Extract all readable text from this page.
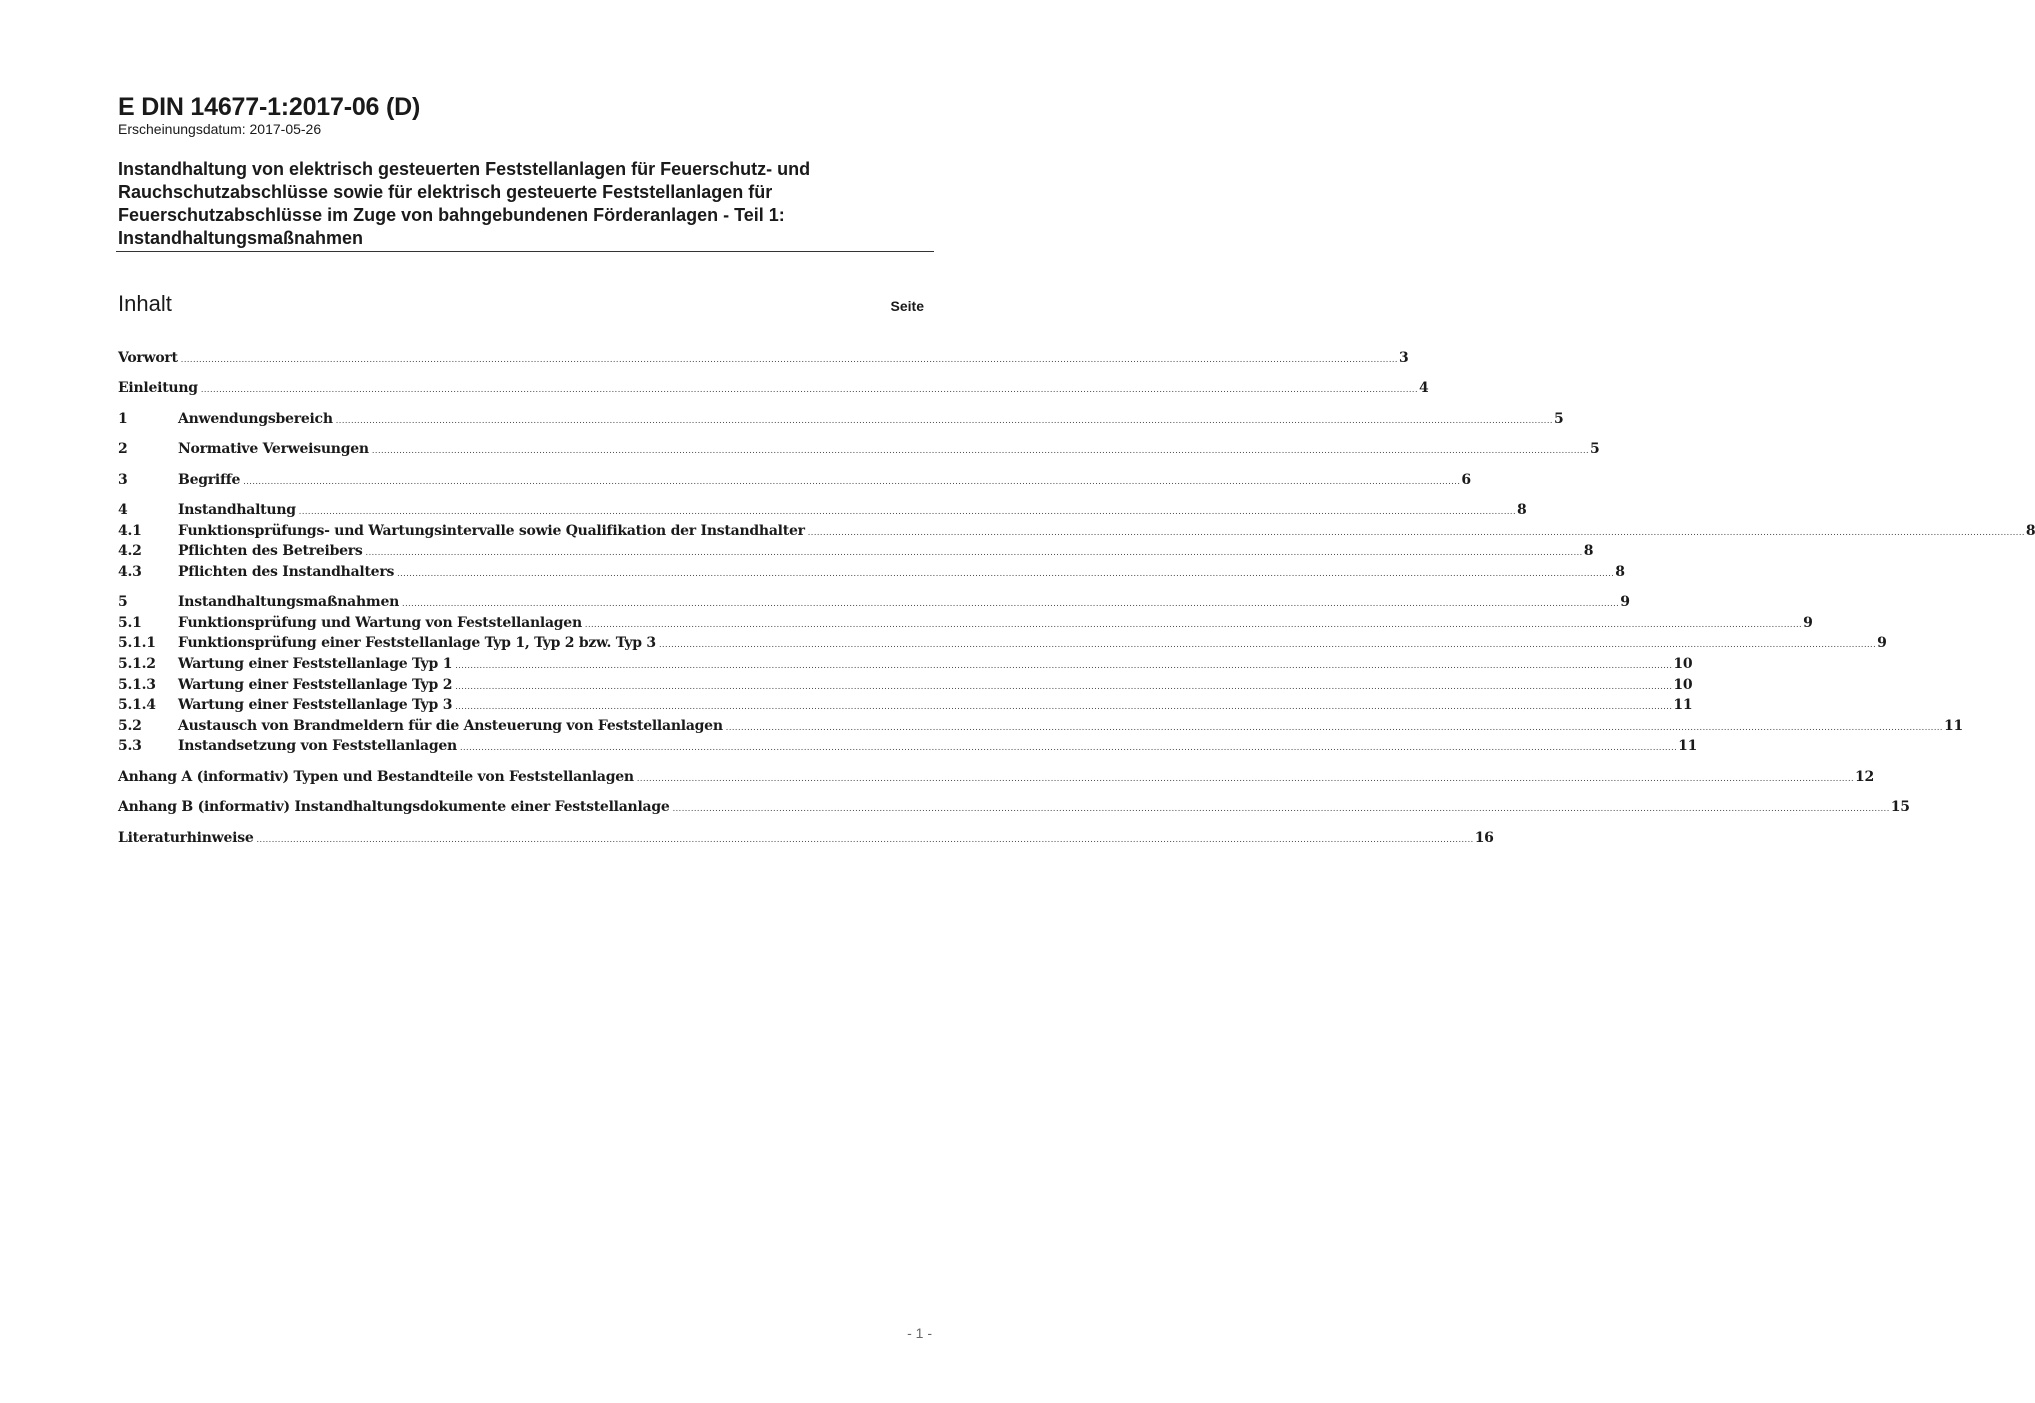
E DIN 14677-1:2017-06 (D)
Erscheinungsdatum: 2017-05-26
Instandhaltung von elektrisch gesteuerten Feststellanlagen für Feuerschutz- und
Rauchschutzabschlüsse sowie für elektrisch gesteuerte Feststellanlagen für
Feuerschutzabschlüsse im Zuge von bahngebundenen Förderanlagen - Teil 1:
Instandhaltungsmaßnahmen
Inhalt	Seite
Vorwort ................................................................................................................................................................................................................................................................................................................................................................................................................ 3
Einleitung ................................................................................................................................................................................................................................................................................................................................................................................................................ 4
1	Anwendungsbereich ................................................................................................................................................................................................................................................................................................................................................................................................................ 5
2	Normative Verweisungen ................................................................................................................................................................................................................................................................................................................................................................................................................ 5
3	Begriffe ................................................................................................................................................................................................................................................................................................................................................................................................................ 6
4	Instandhaltung ................................................................................................................................................................................................................................................................................................................................................................................................................ 8
4.1	Funktionsprüfungs- und Wartungsintervalle sowie Qualifikation der Instandhalter ................................................................................................................................................................................................................................................................................................................................................................................................................ 8
4.2	Pflichten des Betreibers ................................................................................................................................................................................................................................................................................................................................................................................................................ 8
4.3	Pflichten des Instandhalters ................................................................................................................................................................................................................................................................................................................................................................................................................ 8
5	Instandhaltungsmaßnahmen ................................................................................................................................................................................................................................................................................................................................................................................................................ 9
5.1	Funktionsprüfung und Wartung von Feststellanlagen ................................................................................................................................................................................................................................................................................................................................................................................................................ 9
5.1.1	Funktionsprüfung einer Feststellanlage Typ 1, Typ 2 bzw. Typ 3 ................................................................................................................................................................................................................................................................................................................................................................................................................ 9
5.1.2	Wartung einer Feststellanlage Typ 1 ................................................................................................................................................................................................................................................................................................................................................................................................................ 10
5.1.3	Wartung einer Feststellanlage Typ 2 ................................................................................................................................................................................................................................................................................................................................................................................................................ 10
5.1.4	Wartung einer Feststellanlage Typ 3 ................................................................................................................................................................................................................................................................................................................................................................................................................ 11
5.2	Austausch von Brandmeldern für die Ansteuerung von Feststellanlagen ................................................................................................................................................................................................................................................................................................................................................................................................................ 11
5.3	Instandsetzung von Feststellanlagen ................................................................................................................................................................................................................................................................................................................................................................................................................ 11
Anhang A (informativ) Typen und Bestandteile von Feststellanlagen ................................................................................................................................................................................................................................................................................................................................................................................................................ 12
Anhang B (informativ) Instandhaltungsdokumente einer Feststellanlage ................................................................................................................................................................................................................................................................................................................................................................................................................ 15
Literaturhinweise ................................................................................................................................................................................................................................................................................................................................................................................................................ 16
- 1 -
